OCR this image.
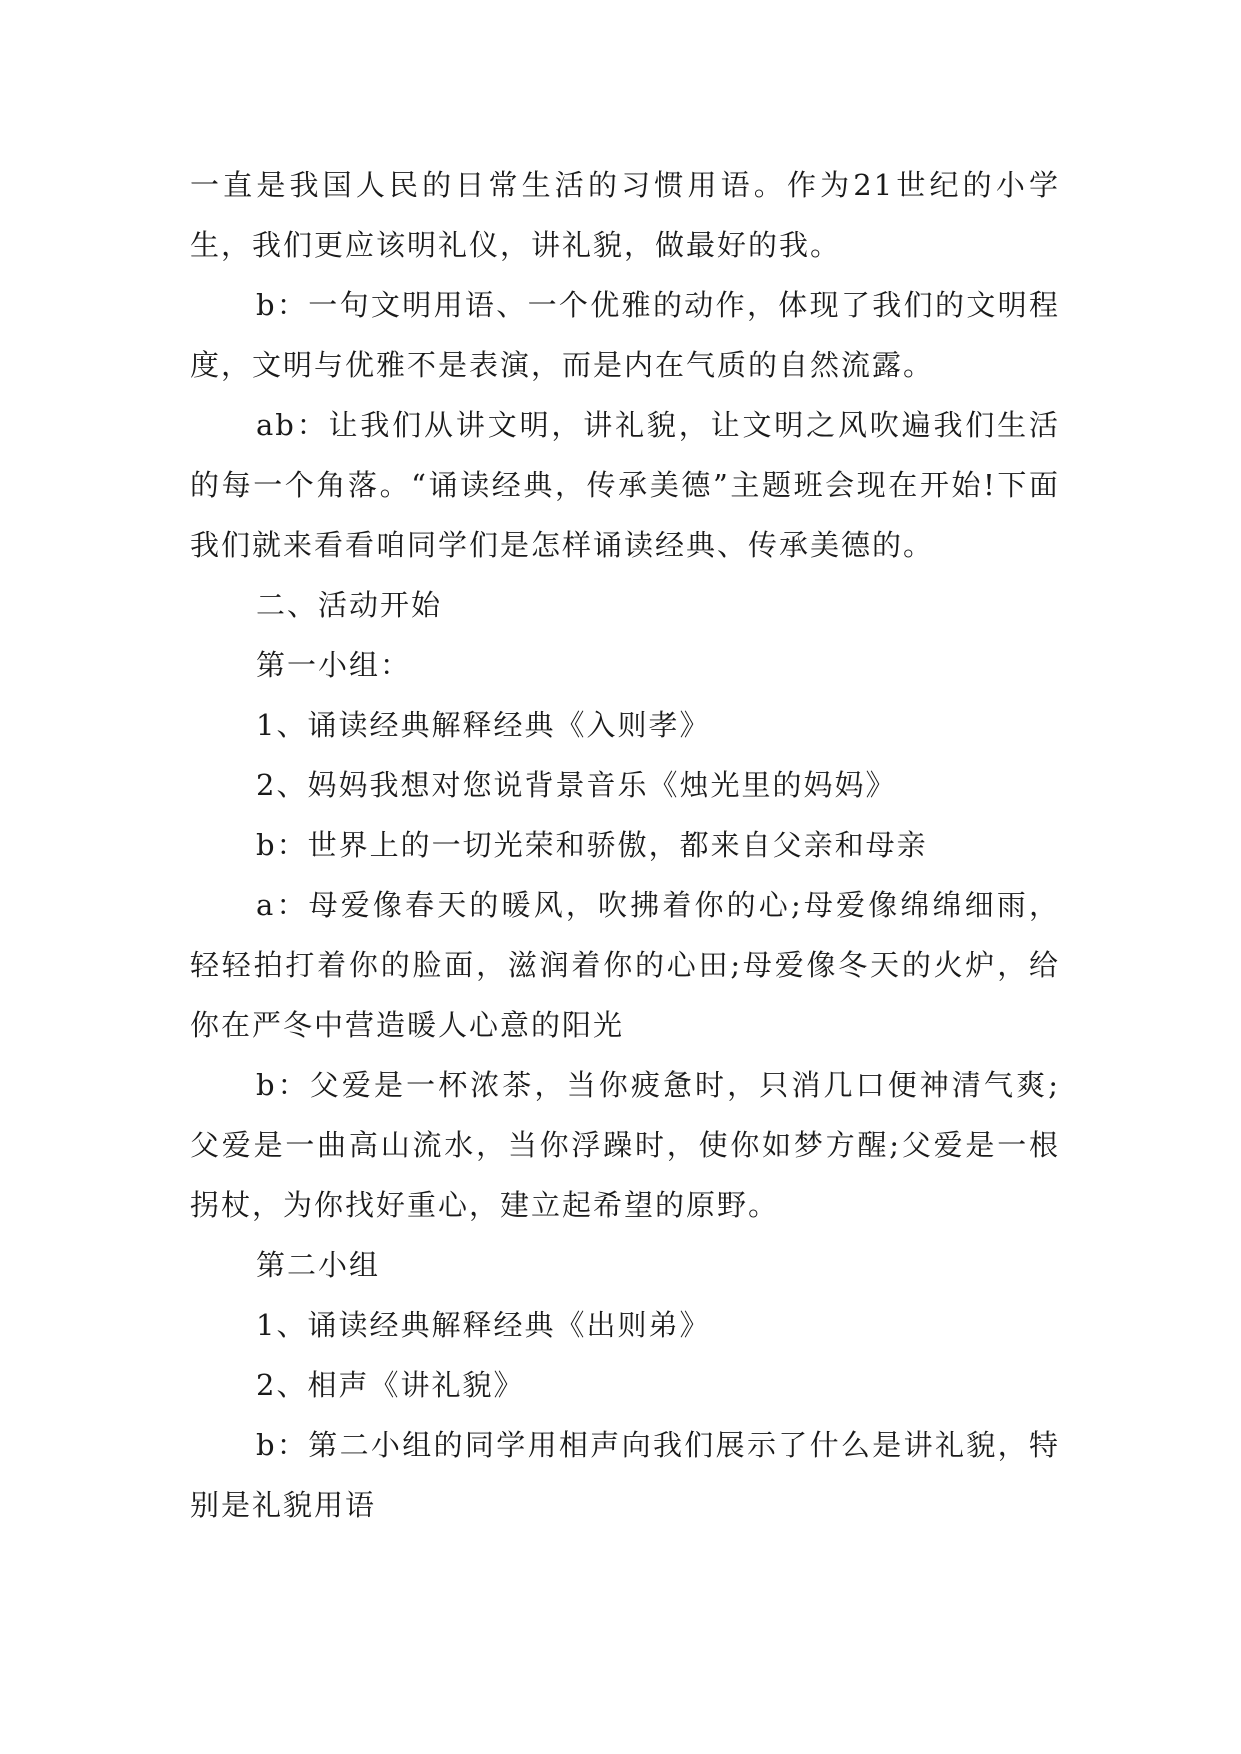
一直是我国人民的日常生活的习惯用语。作为21世纪的小学生，我们更应该明礼仪，讲礼貌，做最好的我。

b：一句文明用语、一个优雅的动作，体现了我们的文明程度，文明与优雅不是表演，而是内在气质的自然流露。

ab：让我们从讲文明，讲礼貌，让文明之风吹遍我们生活的每一个角落。“诵读经典，传承美德”主题班会现在开始!下面我们就来看看咱同学们是怎样诵读经典、传承美德的。

二、活动开始

第一小组：

1、诵读经典解释经典《入则孝》

2、妈妈我想对您说背景音乐《烛光里的妈妈》

b：世界上的一切光荣和骄傲，都来自父亲和母亲

a：母爱像春天的暖风，吹拂着你的心;母爱像绵绵细雨，轻轻拍打着你的脸面，滋润着你的心田;母爱像冬天的火炉，给你在严冬中营造暖人心意的阳光

b：父爱是一杯浓茶，当你疲惫时，只消几口便神清气爽;父爱是一曲高山流水，当你浮躁时，使你如梦方醒;父爱是一根拐杖，为你找好重心，建立起希望的原野。

第二小组

1、诵读经典解释经典《出则弟》

2、相声《讲礼貌》

b：第二小组的同学用相声向我们展示了什么是讲礼貌，特别是礼貌用语
